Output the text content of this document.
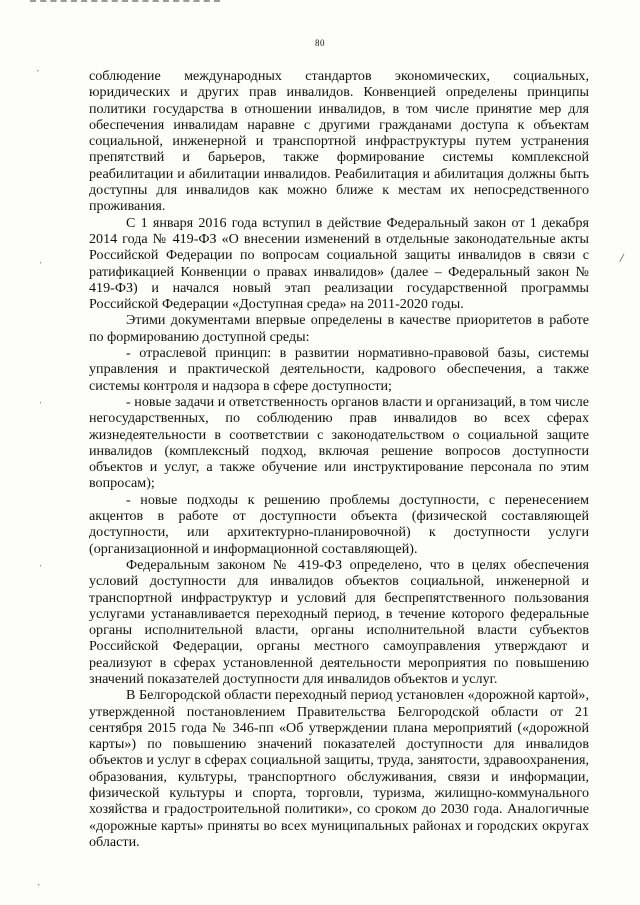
80

соблюдение международных стандартов экономических, социальных, юридических и других прав инвалидов. Конвенцией определены принципы политики государства в отношении инвалидов, в том числе принятие мер для обеспечения инвалидам наравне с другими гражданами доступа к объектам социальной, инженерной и транспортной инфраструктуры путем устранения препятствий и барьеров, также формирование системы комплексной реабилитации и абилитации инвалидов. Реабилитация и абилитация должны быть доступны для инвалидов как можно ближе к местам их непосредственного проживания.

С 1 января 2016 года вступил в действие Федеральный закон от 1 декабря 2014 года № 419-ФЗ «О внесении изменений в отдельные законодательные акты Российской Федерации по вопросам социальной защиты инвалидов в связи с ратификацией Конвенции о правах инвалидов» (далее – Федеральный закон № 419-ФЗ) и начался новый этап реализации государственной программы Российской Федерации «Доступная среда» на 2011-2020 годы.

Этими документами впервые определены в качестве приоритетов в работе по формированию доступной среды:

- отраслевой принцип: в развитии нормативно-правовой базы, системы управления и практической деятельности, кадрового обеспечения, а также системы контроля и надзора в сфере доступности;

- новые задачи и ответственность органов власти и организаций, в том числе негосударственных, по соблюдению прав инвалидов во всех сферах жизнедеятельности в соответствии с законодательством о социальной защите инвалидов (комплексный подход, включая решение вопросов доступности объектов и услуг, а также обучение или инструктирование персонала по этим вопросам);

- новые подходы к решению проблемы доступности, с перенесением акцентов в работе от доступности объекта (физической составляющей доступности, или архитектурно-планировочной) к доступности услуги (организационной и информационной составляющей).

Федеральным законом № 419-ФЗ определено, что в целях обеспечения условий доступности для инвалидов объектов социальной, инженерной и транспортной инфраструктур и условий для беспрепятственного пользования услугами устанавливается переходный период, в течение которого федеральные органы исполнительной власти, органы исполнительной власти субъектов Российской Федерации, органы местного самоуправления утверждают и реализуют в сферах установленной деятельности мероприятия по повышению значений показателей доступности для инвалидов объектов и услуг.

В Белгородской области переходный период установлен «дорожной картой», утвержденной постановлением Правительства Белгородской области от 21 сентября 2015 года № 346-пп «Об утверждении плана мероприятий («дорожной карты») по повышению значений показателей доступности для инвалидов объектов и услуг в сферах социальной защиты, труда, занятости, здравоохранения, образования, культуры, транспортного обслуживания, связи и информации, физической культуры и спорта, торговли, туризма, жилищно-коммунального хозяйства и градостроительной политики», со сроком до 2030 года. Аналогичные «дорожные карты» приняты во всех муниципальных районах и городских округах области.

,
'
'
'
,
/
